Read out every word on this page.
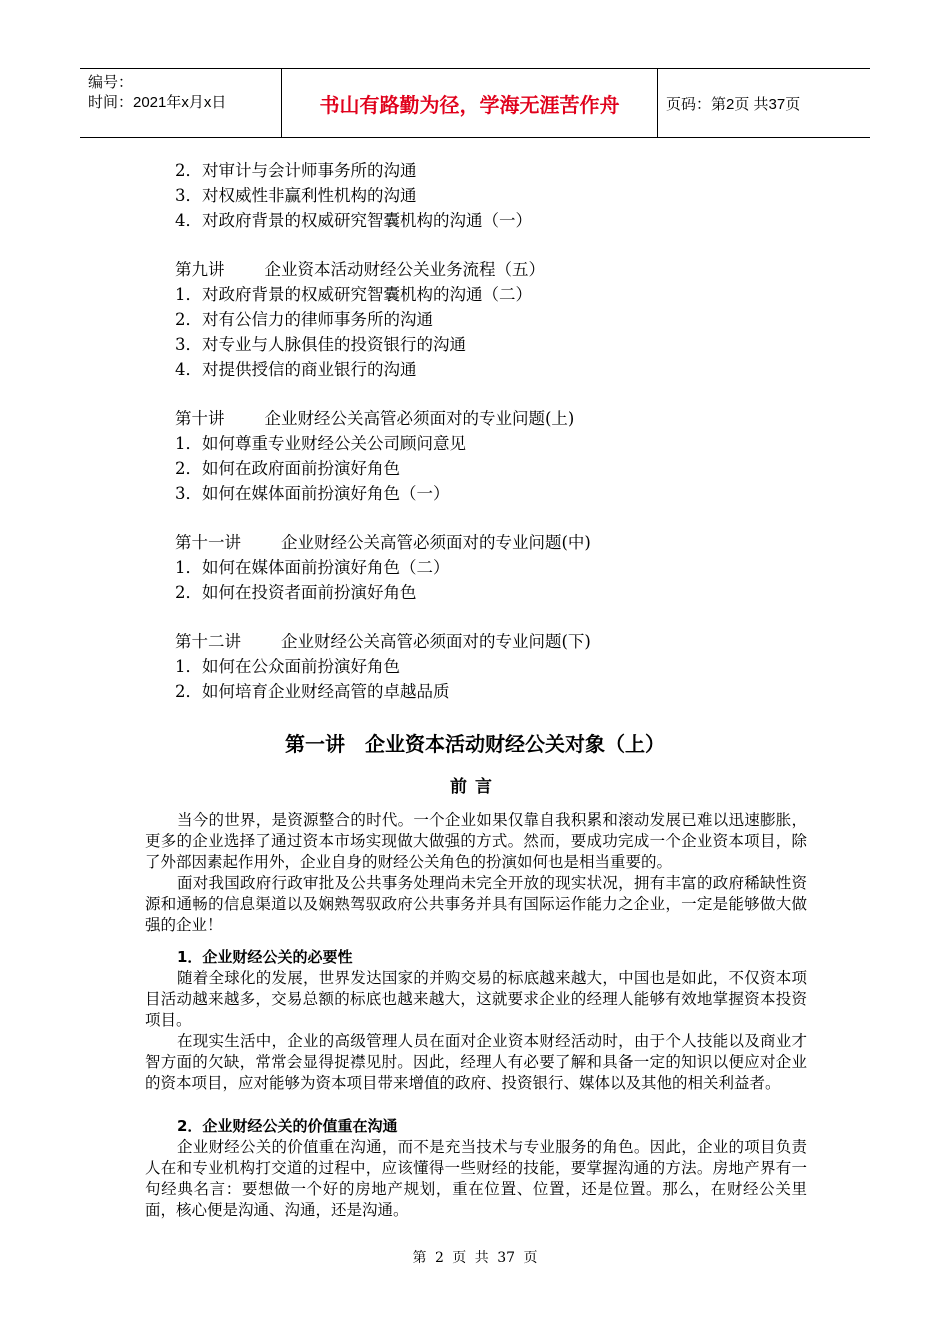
编号：
时间：2021年x月x日	书山有路勤为径，学海无涯苦作舟	页码：第2页 共37页
2．对审计与会计师事务所的沟通
3．对权威性非赢利性机构的沟通
4．对政府背景的权威研究智囊机构的沟通（一）
第九讲 企业资本活动财经公关业务流程（五）
1．对政府背景的权威研究智囊机构的沟通（二）
2．对有公信力的律师事务所的沟通
3．对专业与人脉俱佳的投资银行的沟通
4．对提供授信的商业银行的沟通
第十讲 企业财经公关高管必须面对的专业问题(上)
1．如何尊重专业财经公关公司顾问意见
2．如何在政府面前扮演好角色
3．如何在媒体面前扮演好角色（一）
第十一讲 企业财经公关高管必须面对的专业问题(中)
1．如何在媒体面前扮演好角色（二）
2．如何在投资者面前扮演好角色
第十二讲 企业财经公关高管必须面对的专业问题(下)
1．如何在公众面前扮演好角色
2．如何培育企业财经高管的卓越品质
第一讲　企业资本活动财经公关对象（上）
前言

当今的世界，是资源整合的时代。一个企业如果仅靠自我积累和滚动发展已难以迅速膨胀，更多的企业选择了通过资本市场实现做大做强的方式。然而，要成功完成一个企业资本项目，除了外部因素起作用外，企业自身的财经公关角色的扮演如何也是相当重要的。

面对我国政府行政审批及公共事务处理尚未完全开放的现实状况，拥有丰富的政府稀缺性资源和通畅的信息渠道以及娴熟驾驭政府公共事务并具有国际运作能力之企业，一定是能够做大做强的企业！

1．企业财经公关的必要性

随着全球化的发展，世界发达国家的并购交易的标底越来越大，中国也是如此，不仅资本项目活动越来越多，交易总额的标底也越来越大，这就要求企业的经理人能够有效地掌握资本投资项目。

在现实生活中，企业的高级管理人员在面对企业资本财经活动时，由于个人技能以及商业才智方面的欠缺，常常会显得捉襟见肘。因此，经理人有必要了解和具备一定的知识以便应对企业的资本项目，应对能够为资本项目带来增值的政府、投资银行、媒体以及其他的相关利益者。

2．企业财经公关的价值重在沟通

企业财经公关的价值重在沟通，而不是充当技术与专业服务的角色。因此，企业的项目负责人在和专业机构打交道的过程中，应该懂得一些财经的技能，要掌握沟通的方法。房地产界有一句经典名言：要想做一个好的房地产规划，重在位置、位置，还是位置。那么，在财经公关里面，核心便是沟通、沟通，还是沟通。

第 2 页 共 37 页
